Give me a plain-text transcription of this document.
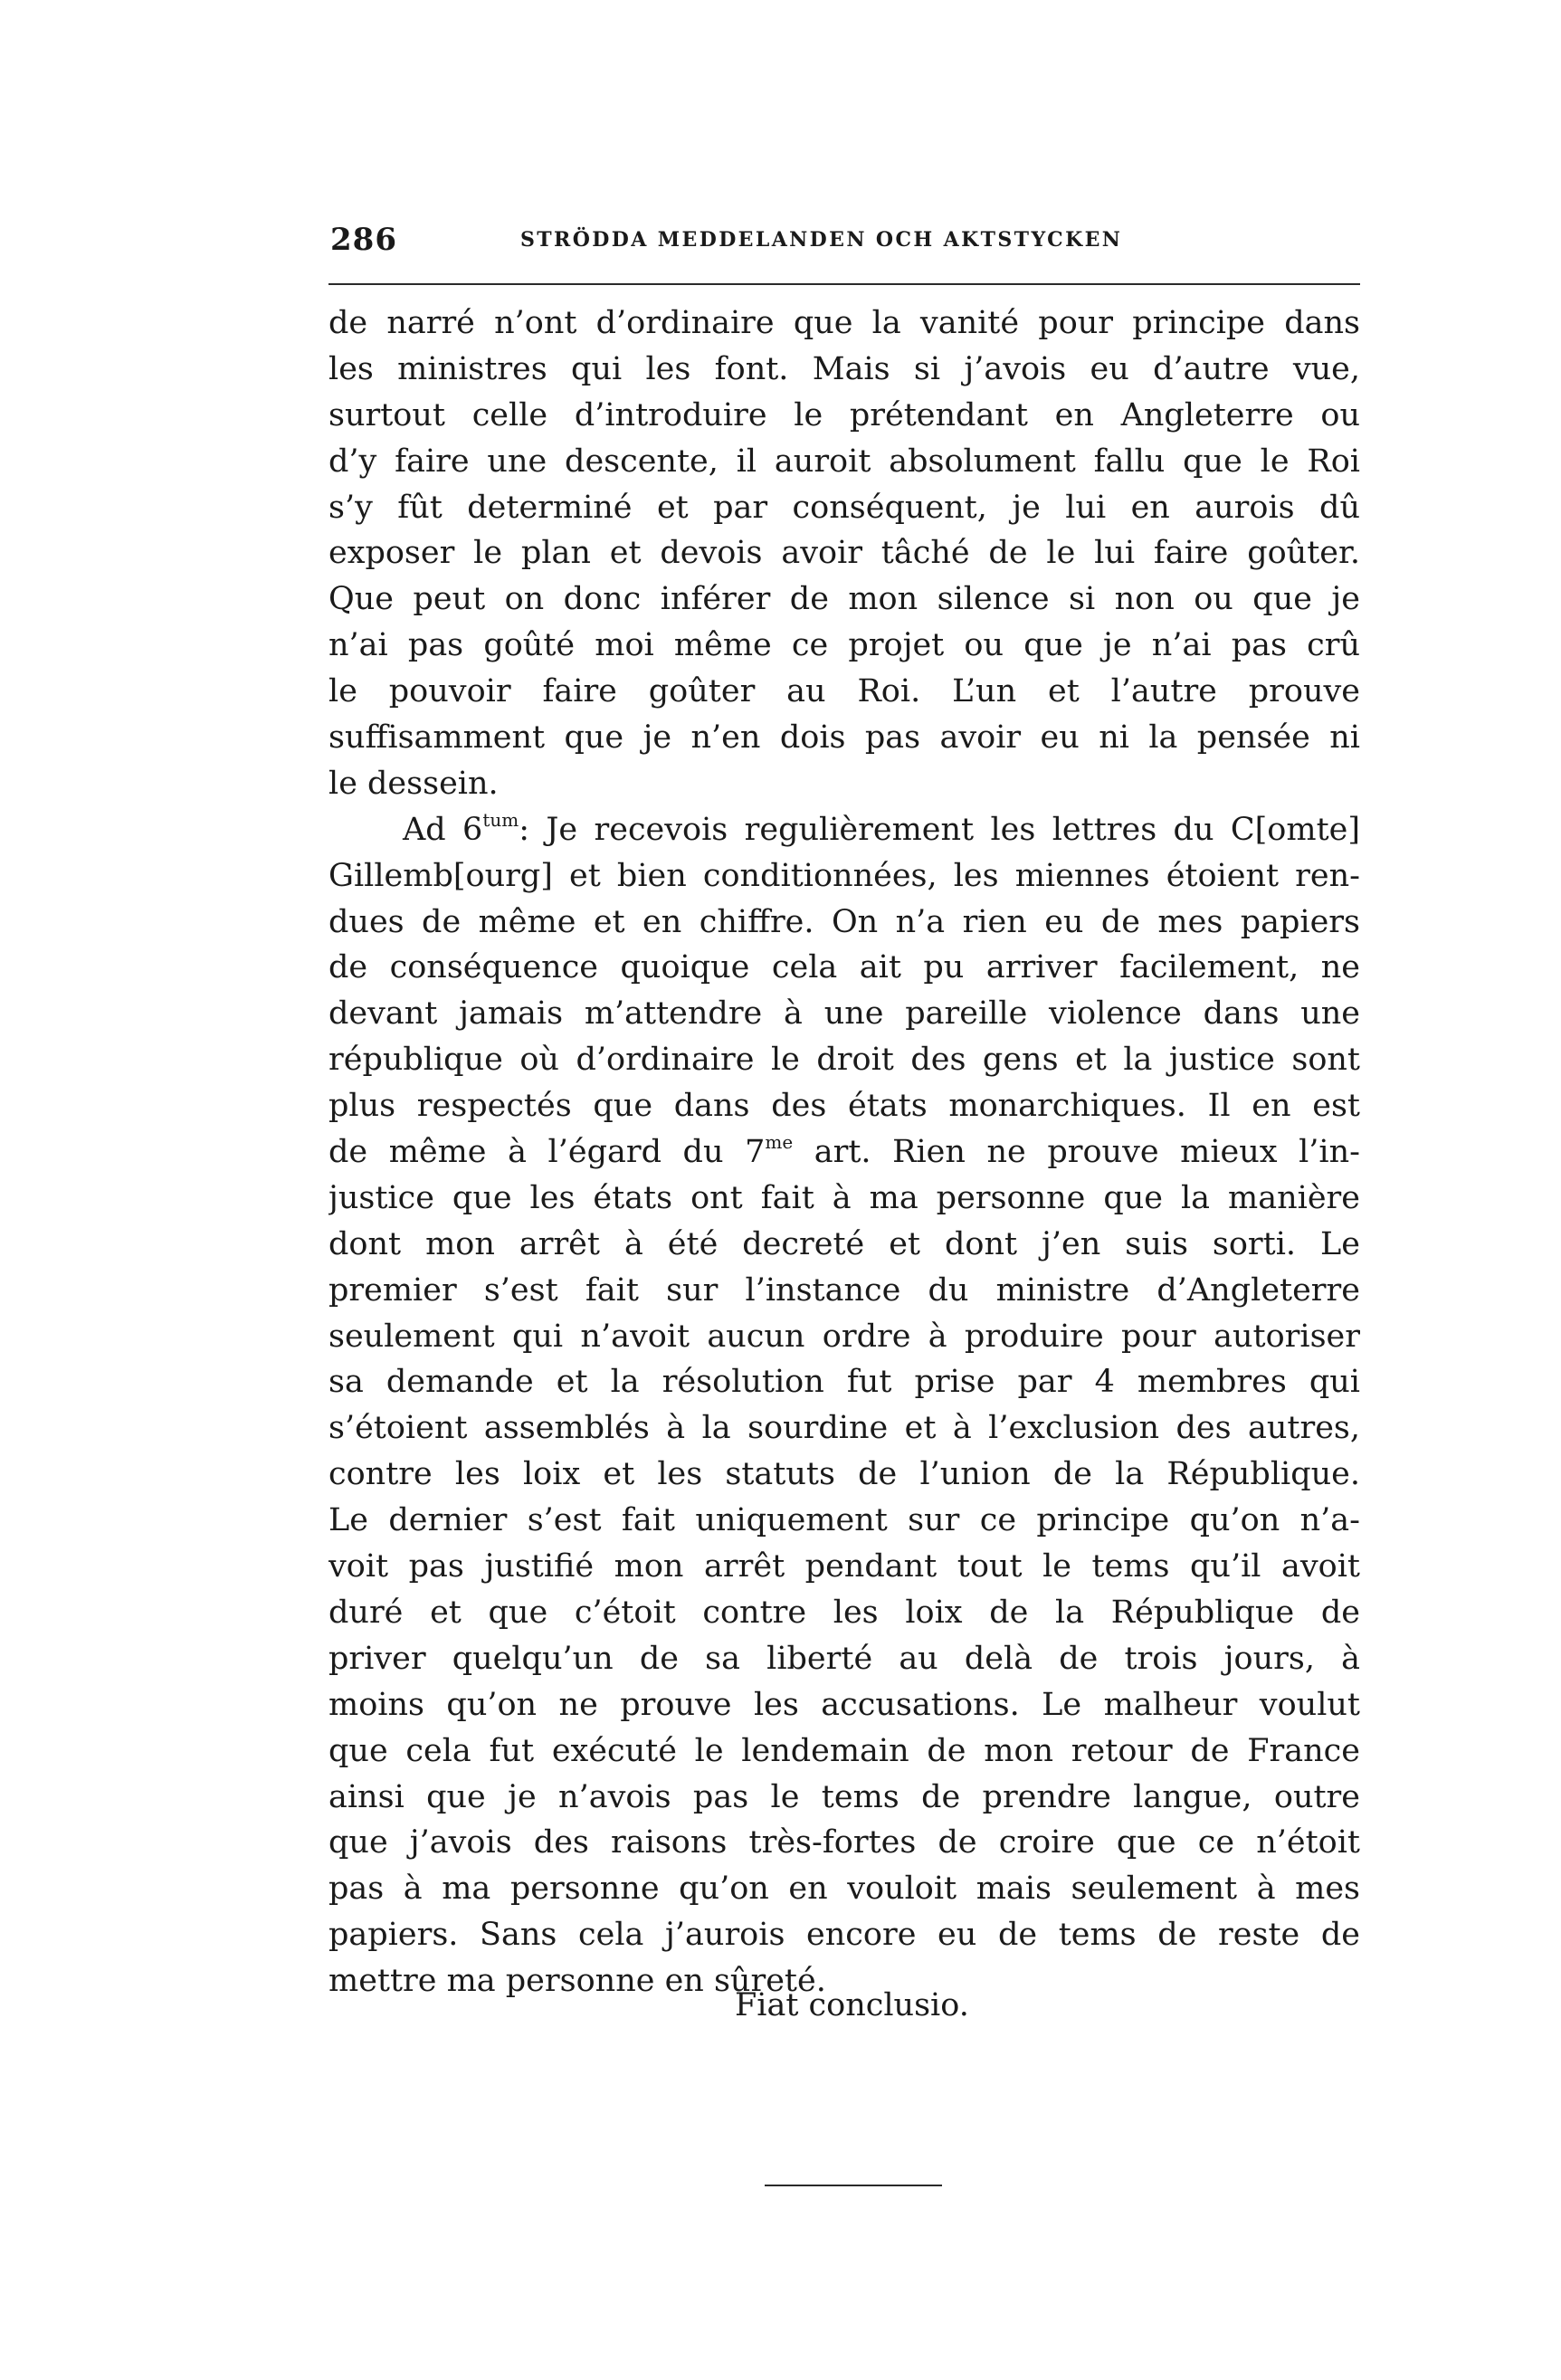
286	STRÖDDA MEDDELANDEN OCH AKTSTYCKEN
de narré n’ont d’ordinaire que la vanité pour principe dans
les ministres qui les font. Mais si j’avois eu d’autre vue,
surtout celle d’introduire le prétendant en Angleterre ou
d’y faire une descente, il auroit absolument fallu que le Roi
s’y fût determiné et par conséquent, je lui en aurois dû
exposer le plan et devois avoir tâché de le lui faire goûter.
Que peut on donc inférer de mon silence si non ou que je
n’ai pas goûté moi même ce projet ou que je n’ai pas crû
le pouvoir faire goûter au Roi. L’un et l’autre prouve
suffisamment que je n’en dois pas avoir eu ni la pensée ni
le dessein.
Ad $6^{tum}$: Je recevois regulièrement les lettres du C[omte]
Gillemb[ourg] et bien conditionnées, les miennes étoient ren-
dues de même et en chiffre. On n’a rien eu de mes papiers
de conséquence quoique cela ait pu arriver facilement, ne
devant jamais m’attendre à une pareille violence dans une
république où d’ordinaire le droit des gens et la justice sont
plus respectés que dans des états monarchiques. Il en est
de même à l’égard du $7^{me}$ art. Rien ne prouve mieux l’in-
justice que les états ont fait à ma personne que la manière
dont mon arrêt à été decreté et dont j’en suis sorti. Le
premier s’est fait sur l’instance du ministre d’Angleterre
seulement qui n’avoit aucun ordre à produire pour autoriser
sa demande et la résolution fut prise par 4 membres qui
s’étoient assemblés à la sourdine et à l’exclusion des autres,
contre les loix et les statuts de l’union de la République.
Le dernier s’est fait uniquement sur ce principe qu’on n’a-
voit pas justifié mon arrêt pendant tout le tems qu’il avoit
duré et que c’étoit contre les loix de la République de
priver quelqu’un de sa liberté au delà de trois jours, à
moins qu’on ne prouve les accusations. Le malheur voulut
que cela fut exécuté le lendemain de mon retour de France
ainsi que je n’avois pas le tems de prendre langue, outre
que j’avois des raisons très-fortes de croire que ce n’étoit
pas à ma personne qu’on en vouloit mais seulement à mes
papiers. Sans cela j’aurois encore eu de tems de reste de
mettre ma personne en sûreté.
Fiat conclusio.
